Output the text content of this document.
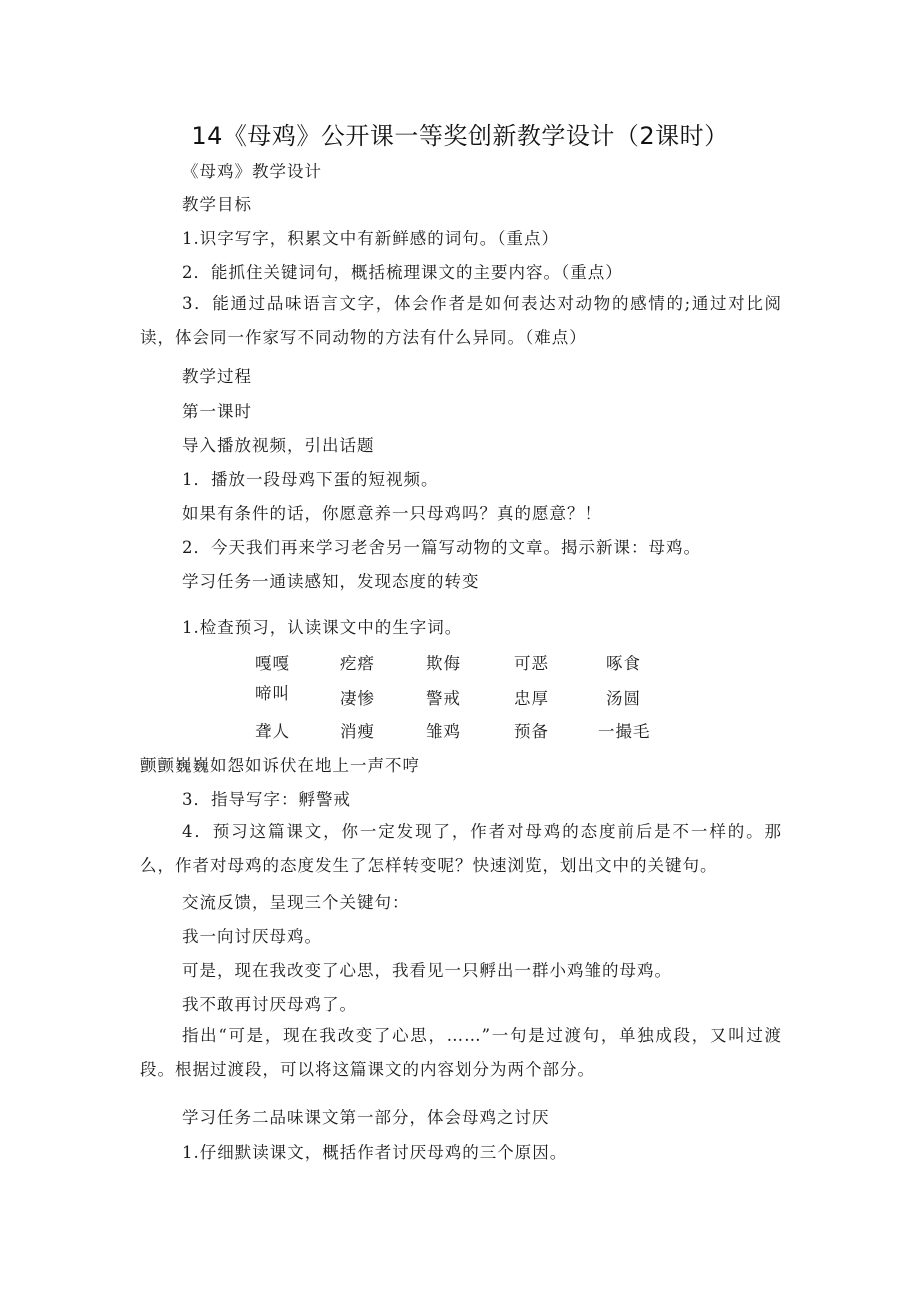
14《母鸡》公开课一等奖创新教学设计（2课时）
《母鸡》教学设计
教学目标
1.识字写字，积累文中有新鲜感的词句。（重点）
2．能抓住关键词句，概括梳理课文的主要内容。（重点）
3．能通过品味语言文字，体会作者是如何表达对动物的感情的;通过对比阅读，体会同一作家写不同动物的方法有什么异同。（难点）
教学过程
第一课时
导入播放视频，引出话题
1．播放一段母鸡下蛋的短视频。
如果有条件的话，你愿意养一只母鸡吗？真的愿意？！
2．今天我们再来学习老舍另一篇写动物的文章。揭示新课：母鸡。
学习任务一通读感知，发现态度的转变
1.检查预习，认读课文中的生字词。
嘎嘎	疙瘩	欺侮	可恶	啄食
啼叫	凄惨	警戒	忠厚	汤圆
聋人	消瘦	雏鸡	预备	一撮毛
颤颤巍巍如怨如诉伏在地上一声不哼
3．指导写字：孵警戒
4．预习这篇课文，你一定发现了，作者对母鸡的态度前后是不一样的。那么，作者对母鸡的态度发生了怎样转变呢？快速浏览，划出文中的关键句。
交流反馈，呈现三个关键句：
我一向讨厌母鸡。
可是，现在我改变了心思，我看见一只孵出一群小鸡雏的母鸡。
我不敢再讨厌母鸡了。
指出“可是，现在我改变了心思，……”一句是过渡句，单独成段，又叫过渡段。根据过渡段，可以将这篇课文的内容划分为两个部分。
学习任务二品味课文第一部分，体会母鸡之讨厌
1.仔细默读课文，概括作者讨厌母鸡的三个原因。
